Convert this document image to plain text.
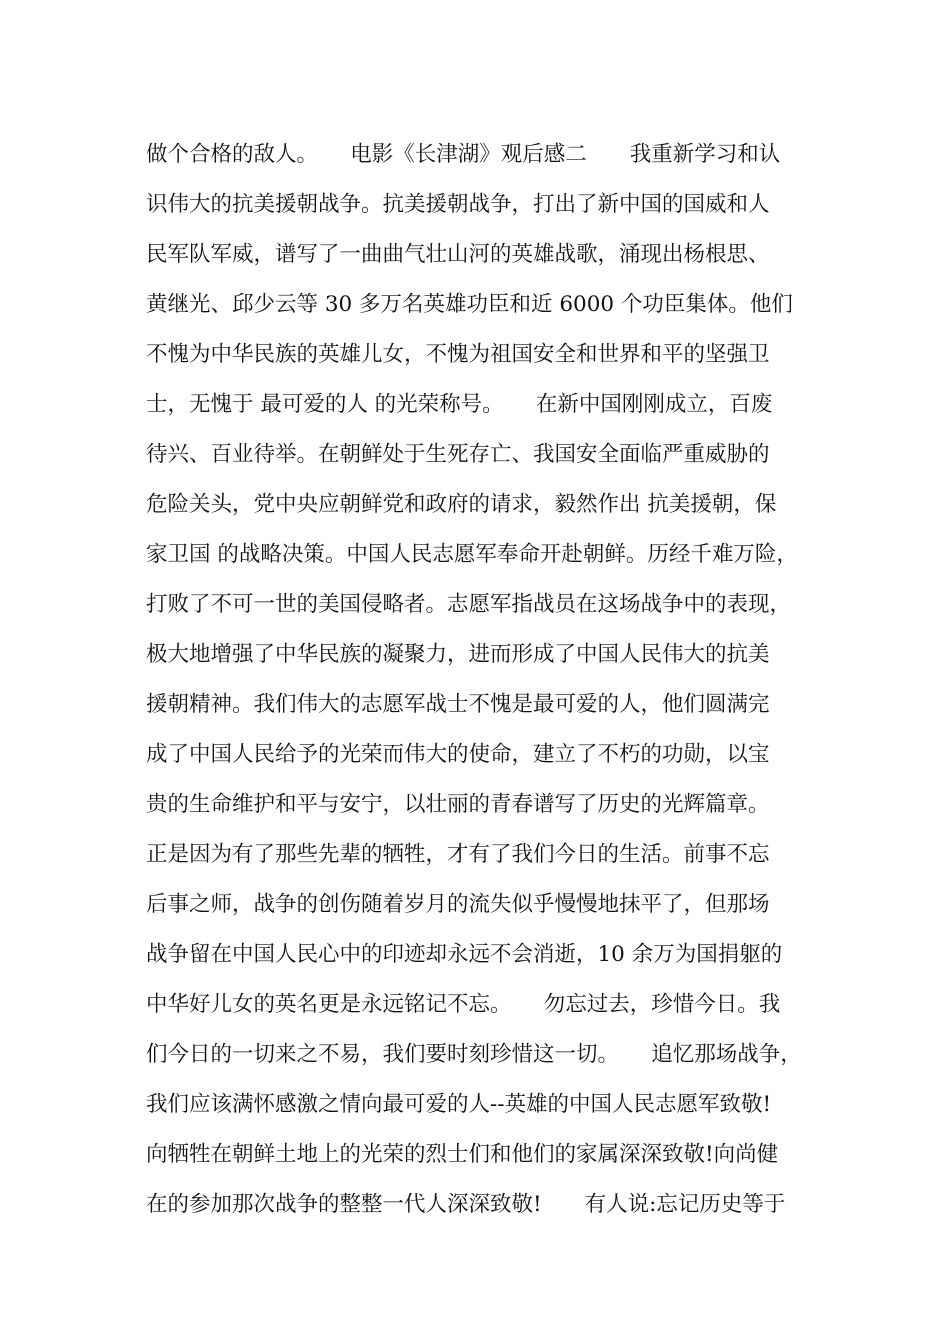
做个合格的敌人。　　电影《长津湖》观后感二　　我重新学习和认
识伟大的抗美援朝战争。抗美援朝战争，打出了新中国的国威和人
民军队军威，谱写了一曲曲气壮山河的英雄战歌，涌现出杨根思、
黄继光、邱少云等 30 多万名英雄功臣和近 6000 个功臣集体。他们
不愧为中华民族的英雄儿女，不愧为祖国安全和世界和平的坚强卫
士，无愧于 最可爱的人 的光荣称号。　　在新中国刚刚成立，百废
待兴、百业待举。在朝鲜处于生死存亡、我国安全面临严重威胁的
危险关头，党中央应朝鲜党和政府的请求，毅然作出 抗美援朝，保
家卫国 的战略决策。中国人民志愿军奉命开赴朝鲜。历经千难万险，
打败了不可一世的美国侵略者。志愿军指战员在这场战争中的表现，
极大地增强了中华民族的凝聚力，进而形成了中国人民伟大的抗美
援朝精神。我们伟大的志愿军战士不愧是最可爱的人，他们圆满完
成了中国人民给予的光荣而伟大的使命，建立了不朽的功勋，以宝
贵的生命维护和平与安宁，以壮丽的青春谱写了历史的光辉篇章。
正是因为有了那些先辈的牺牲，才有了我们今日的生活。前事不忘
后事之师，战争的创伤随着岁月的流失似乎慢慢地抹平了，但那场
战争留在中国人民心中的印迹却永远不会消逝，10 余万为国捐躯的
中华好儿女的英名更是永远铭记不忘。　　勿忘过去，珍惜今日。我
们今日的一切来之不易，我们要时刻珍惜这一切。　　追忆那场战争，
我们应该满怀感激之情向最可爱的人--英雄的中国人民志愿军致敬!
向牺牲在朝鲜土地上的光荣的烈士们和他们的家属深深致敬!向尚健
在的参加那次战争的整整一代人深深致敬!　　有人说:忘记历史等于
